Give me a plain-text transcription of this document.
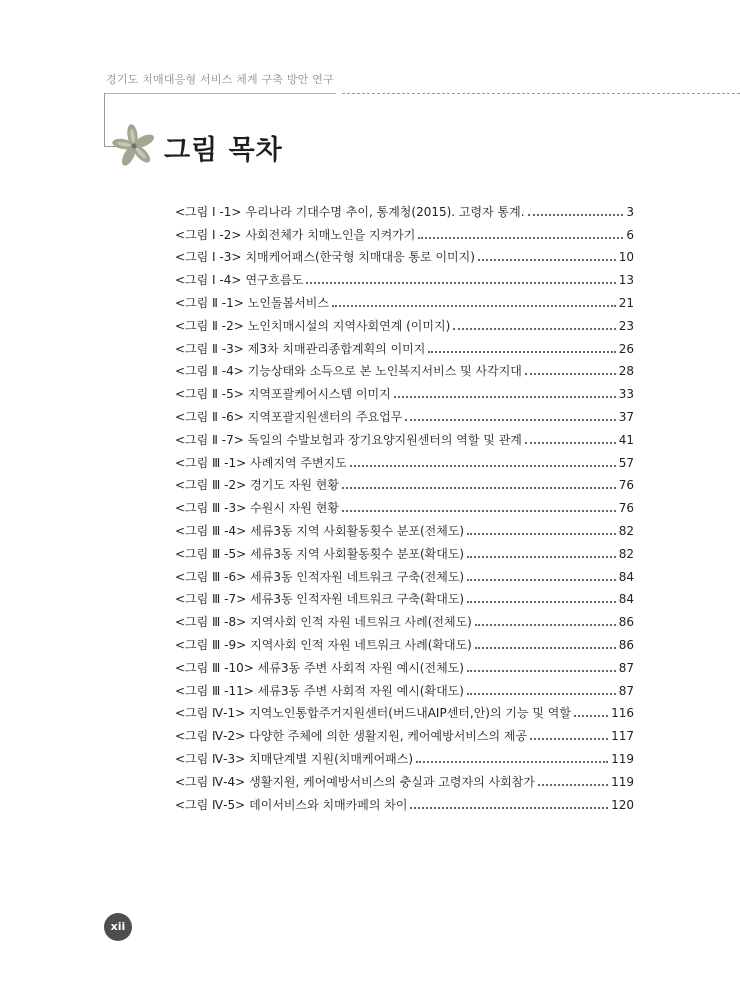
경기도 치매대응형 서비스 체계 구축 방안 연구
그림 목차
<그림 Ⅰ -1> 우리나라 기대수명 추이, 통계청(2015). 고령자 통계.	3
<그림 Ⅰ -2> 사회전체가 치매노인을 지켜가기	6
<그림 Ⅰ -3> 치매케어패스(한국형 치매대응 통로 이미지)	10
<그림 Ⅰ -4> 연구흐름도	13
<그림 Ⅱ -1> 노인돌봄서비스	21
<그림 Ⅱ -2> 노인치매시설의 지역사회연계 (이미지)	23
<그림 Ⅱ -3> 제3차 치매관리종합계획의 이미지	26
<그림 Ⅱ -4> 기능상태와 소득으로 본 노인복지서비스 및 사각지대	28
<그림 Ⅱ -5> 지역포괄케어시스템 이미지	33
<그림 Ⅱ -6> 지역포괄지원센터의 주요업무	37
<그림 Ⅱ -7> 독일의 수발보험과 장기요양지원센터의 역할 및 관계	41
<그림 Ⅲ -1> 사례지역 주변지도	57
<그림 Ⅲ -2> 경기도 자원 현황	76
<그림 Ⅲ -3> 수원시 자원 현황	76
<그림 Ⅲ -4> 세류3동 지역 사회활동횟수 분포(전체도)	82
<그림 Ⅲ -5> 세류3동 지역 사회활동횟수 분포(확대도)	82
<그림 Ⅲ -6> 세류3동 인적자원 네트워크 구축(전체도)	84
<그림 Ⅲ -7> 세류3동 인적자원 네트워크 구축(확대도)	84
<그림 Ⅲ -8> 지역사회 인적 자원 네트워크 사례(전체도)	86
<그림 Ⅲ -9> 지역사회 인적 자원 네트워크 사례(확대도)	86
<그림 Ⅲ -10> 세류3동 주변 사회적 자원 예시(전체도)	87
<그림 Ⅲ -11> 세류3동 주변 사회적 자원 예시(확대도)	87
<그림 Ⅳ-1> 지역노인통합주거지원센터(버드내AIP센터,안)의 기능 및 역할	116
<그림 Ⅳ-2> 다양한 주체에 의한 생활지원, 케어예방서비스의 제공	117
<그림 Ⅳ-3> 치매단계별 지원(치매케어패스)	119
<그림 Ⅳ-4> 생활지원, 케어예방서비스의 충실과 고령자의 사회참가	119
<그림 Ⅳ-5> 데이서비스와 치매카페의 차이	120
xii
